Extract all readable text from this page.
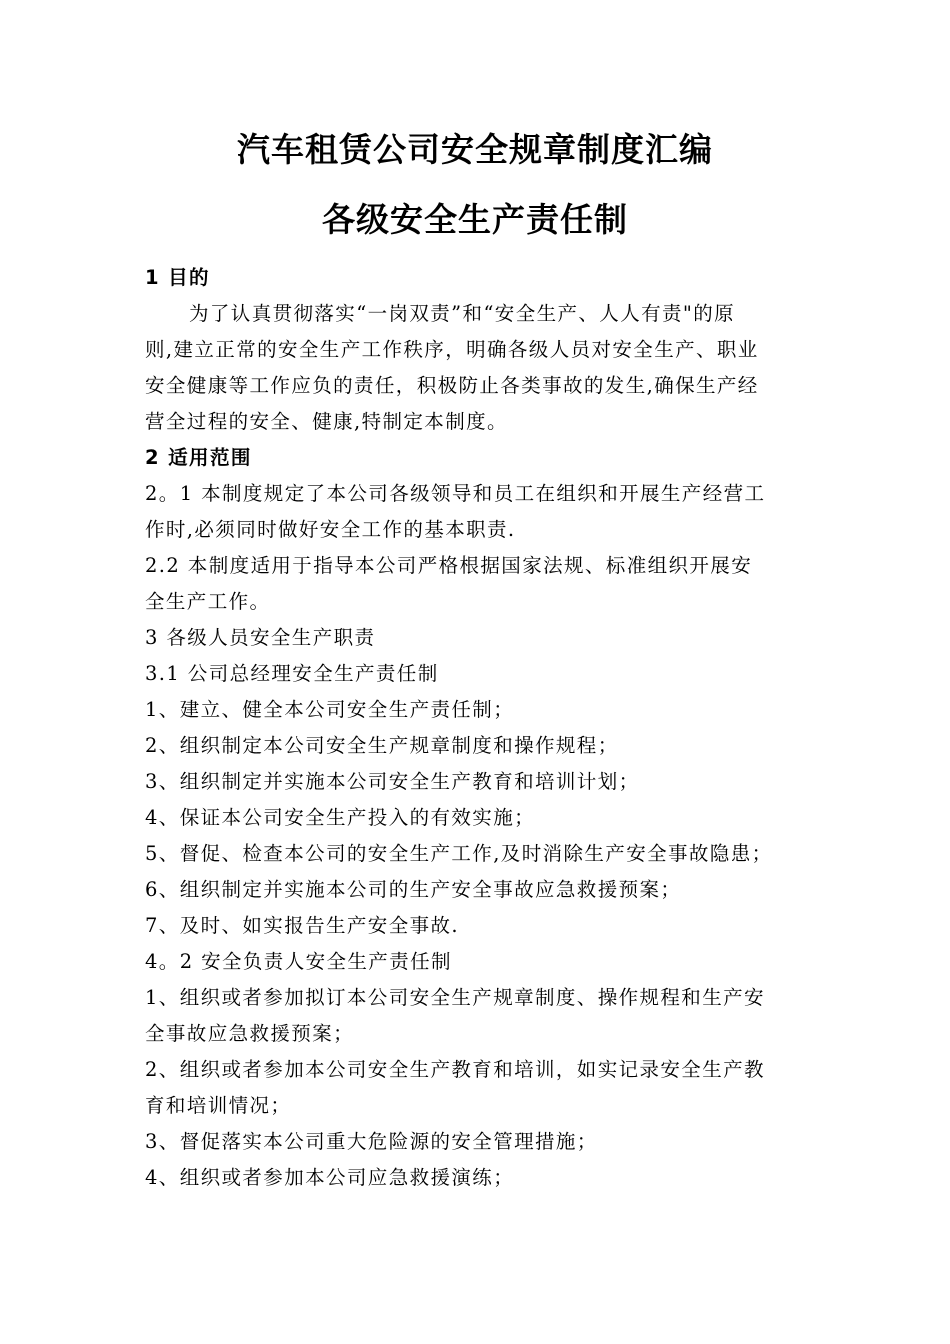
汽车租赁公司安全规章制度汇编
各级安全生产责任制
1 目的
为了认真贯彻落实“一岗双责”和“安全生产、人人有责"的原
则,建立正常的安全生产工作秩序，明确各级人员对安全生产、职业
安全健康等工作应负的责任，积极防止各类事故的发生,确保生产经
营全过程的安全、健康,特制定本制度。
2 适用范围
2。1 本制度规定了本公司各级领导和员工在组织和开展生产经营工
作时,必须同时做好安全工作的基本职责.
2.2 本制度适用于指导本公司严格根据国家法规、标准组织开展安
全生产工作。
3 各级人员安全生产职责
3.1 公司总经理安全生产责任制
1、建立、健全本公司安全生产责任制；
2、组织制定本公司安全生产规章制度和操作规程；
3、组织制定并实施本公司安全生产教育和培训计划；
4、保证本公司安全生产投入的有效实施；
5、督促、检查本公司的安全生产工作,及时消除生产安全事故隐患；
6、组织制定并实施本公司的生产安全事故应急救援预案；
7、及时、如实报告生产安全事故.
4。2 安全负责人安全生产责任制
1、组织或者参加拟订本公司安全生产规章制度、操作规程和生产安
全事故应急救援预案；
2、组织或者参加本公司安全生产教育和培训，如实记录安全生产教
育和培训情况；
3、督促落实本公司重大危险源的安全管理措施；
4、组织或者参加本公司应急救援演练；
